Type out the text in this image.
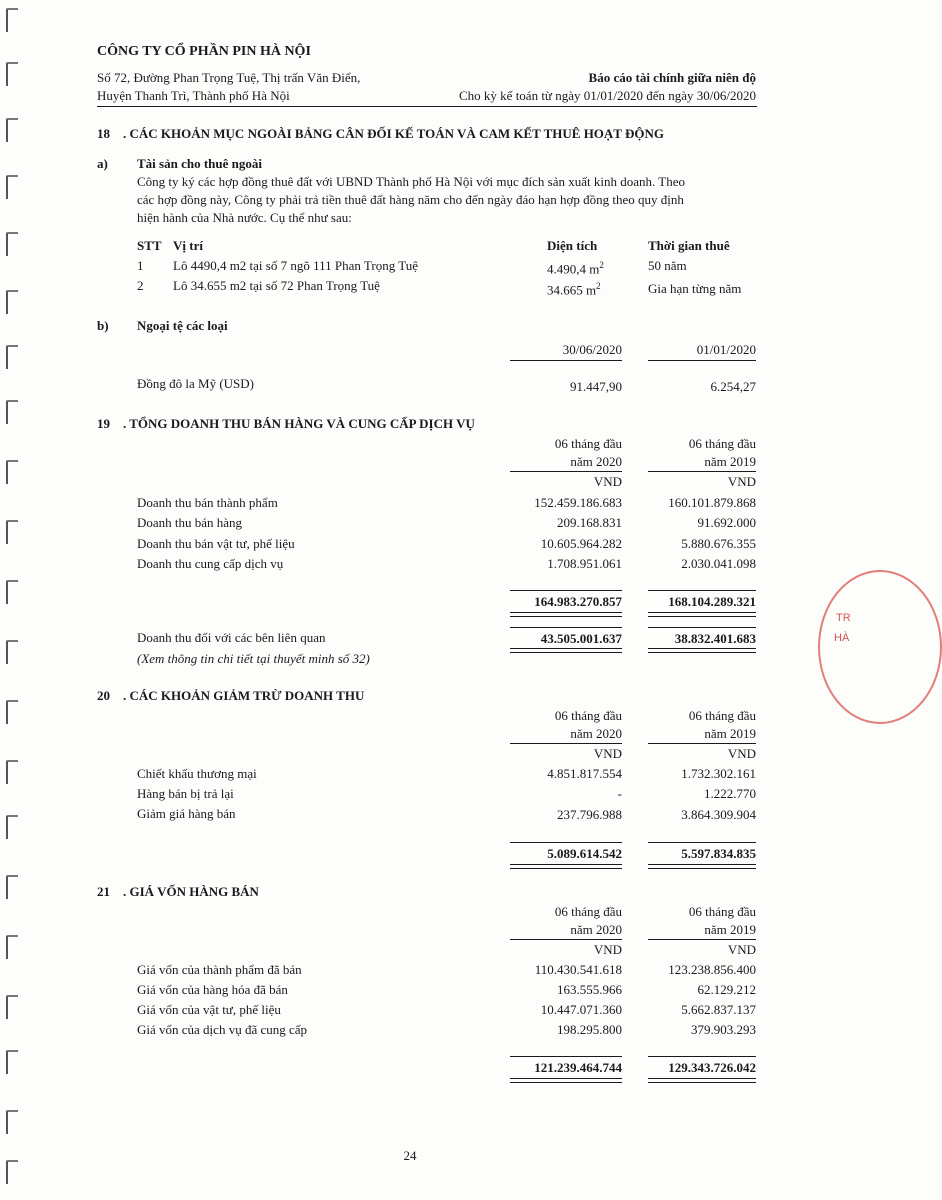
TR
HÀ
CÔNG TY CỔ PHẦN PIN HÀ NỘI
Số 72, Đường Phan Trọng Tuệ, Thị trấn Văn Điển,
Huyện Thanh Trì, Thành phố Hà Nội
Báo cáo tài chính giữa niên độ
Cho kỳ kế toán từ ngày 01/01/2020 đến ngày 30/06/2020
18 . CÁC KHOẢN MỤC NGOÀI BẢNG CÂN ĐỐI KẾ TOÁN VÀ CAM KẾT THUÊ HOẠT ĐỘNG
a) Tài sản cho thuê ngoài
Công ty ký các hợp đồng thuê đất với UBND Thành phố Hà Nội với mục đích sản xuất kinh doanh. Theo
các hợp đồng này, Công ty phải trả tiền thuê đất hàng năm cho đến ngày đáo hạn hợp đồng theo quy định
hiện hành của Nhà nước. Cụ thể như sau:
STT Vị trí	Diện tích	Thời gian thuê
1 Lô 4490,4 m2 tại số 7 ngõ 111 Phan Trọng Tuệ	4.490,4 $m^2$	50 năm
2 Lô 34.655 m2 tại số 72 Phan Trọng Tuệ	34.665 $m^2$	Gia hạn từng năm
b) Ngoại tệ các loại
30/06/2020	01/01/2020
Đồng đô la Mỹ (USD)	91.447,90	6.254,27
19 . TỔNG DOANH THU BÁN HÀNG VÀ CUNG CẤP DỊCH VỤ
06 tháng đầu	06 tháng đầu
năm 2020	năm 2019
VND	VND
Doanh thu bán thành phẩm	152.459.186.683	160.101.879.868
Doanh thu bán hàng	209.168.831	91.692.000
Doanh thu bán vật tư, phế liệu	10.605.964.282	5.880.676.355
Doanh thu cung cấp dịch vụ	1.708.951.061	2.030.041.098
164.983.270.857	168.104.289.321
Doanh thu đối với các bên liên quan	43.505.001.637	38.832.401.683
(Xem thông tin chi tiết tại thuyết minh số 32)
20 . CÁC KHOẢN GIẢM TRỪ DOANH THU
06 tháng đầu	06 tháng đầu
năm 2020	năm 2019
VND	VND
Chiết khấu thương mại	4.851.817.554	1.732.302.161
Hàng bán bị trả lại	-	1.222.770
Giảm giá hàng bán	237.796.988	3.864.309.904
5.089.614.542	5.597.834.835
21 . GIÁ VỐN HÀNG BÁN
06 tháng đầu	06 tháng đầu
năm 2020	năm 2019
VND	VND
Giá vốn của thành phẩm đã bán	110.430.541.618	123.238.856.400
Giá vốn của hàng hóa đã bán	163.555.966	62.129.212
Giá vốn của vật tư, phế liệu	10.447.071.360	5.662.837.137
Giá vốn của dịch vụ đã cung cấp	198.295.800	379.903.293
121.239.464.744	129.343.726.042
24
